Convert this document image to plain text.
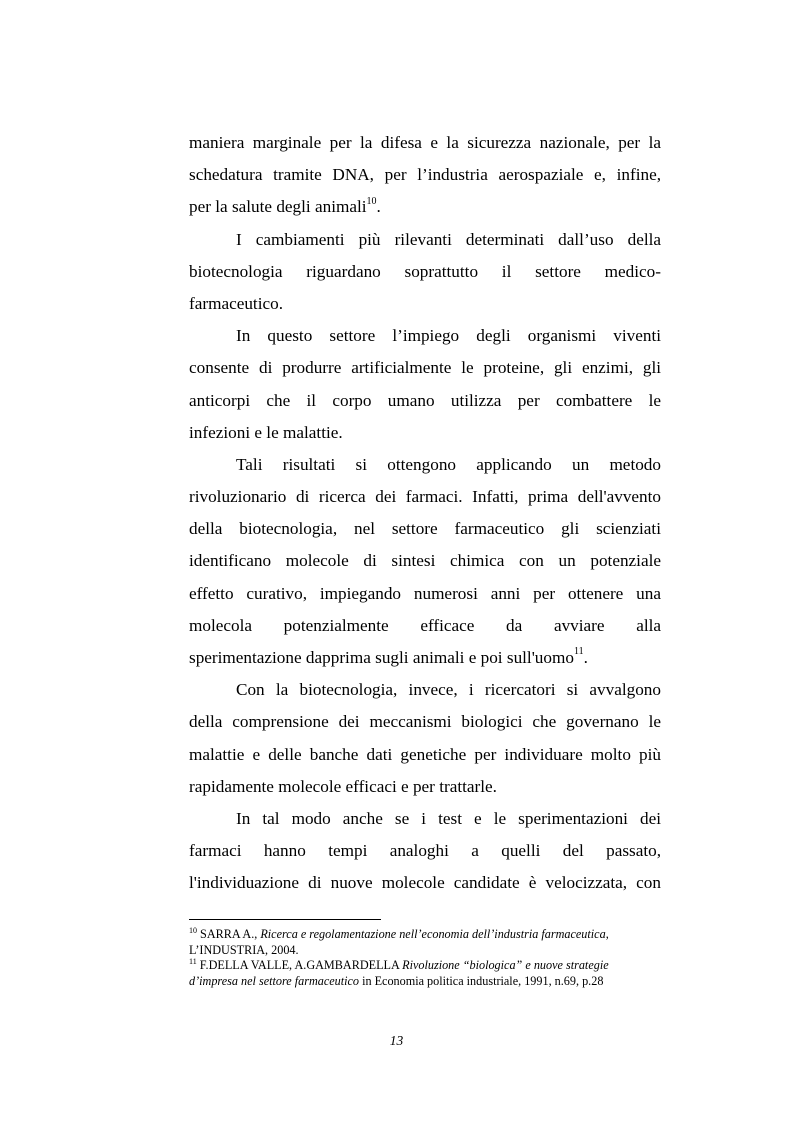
maniera marginale per la difesa e la sicurezza nazionale, per la
schedatura tramite DNA, per l’industria aerospaziale e, infine,
per la salute degli animali$^{10}$.
I cambiamenti più rilevanti determinati dall’uso della
biotecnologia riguardano soprattutto il settore medico-
farmaceutico.
In questo settore l’impiego degli organismi viventi
consente di produrre artificialmente le proteine, gli enzimi, gli
anticorpi che il corpo umano utilizza per combattere le
infezioni e le malattie.
Tali risultati si ottengono applicando un metodo
rivoluzionario di ricerca dei farmaci. Infatti, prima dell'avvento
della biotecnologia, nel settore farmaceutico gli scienziati
identificano molecole di sintesi chimica con un potenziale
effetto curativo, impiegando numerosi anni per ottenere una
molecola potenzialmente efficace da avviare alla
sperimentazione dapprima sugli animali e poi sull'uomo$^{11}$.
Con la biotecnologia, invece, i ricercatori si avvalgono
della comprensione dei meccanismi biologici che governano le
malattie e delle banche dati genetiche per individuare molto più
rapidamente molecole efficaci e per trattarle.
In tal modo anche se i test e le sperimentazioni dei
farmaci hanno tempi analoghi a quelli del passato,
l'individuazione di nuove molecole candidate è velocizzata, con
$^{10}$ SARRA A., Ricerca e regolamentazione nell’economia dell’industria farmaceutica,
L’INDUSTRIA, 2004.
$^{11}$ F.DELLA VALLE, A.GAMBARDELLA Rivoluzione “biologica” e nuove strategie
d’impresa nel settore farmaceutico in Economia politica industriale, 1991, n.69, p.28
13
